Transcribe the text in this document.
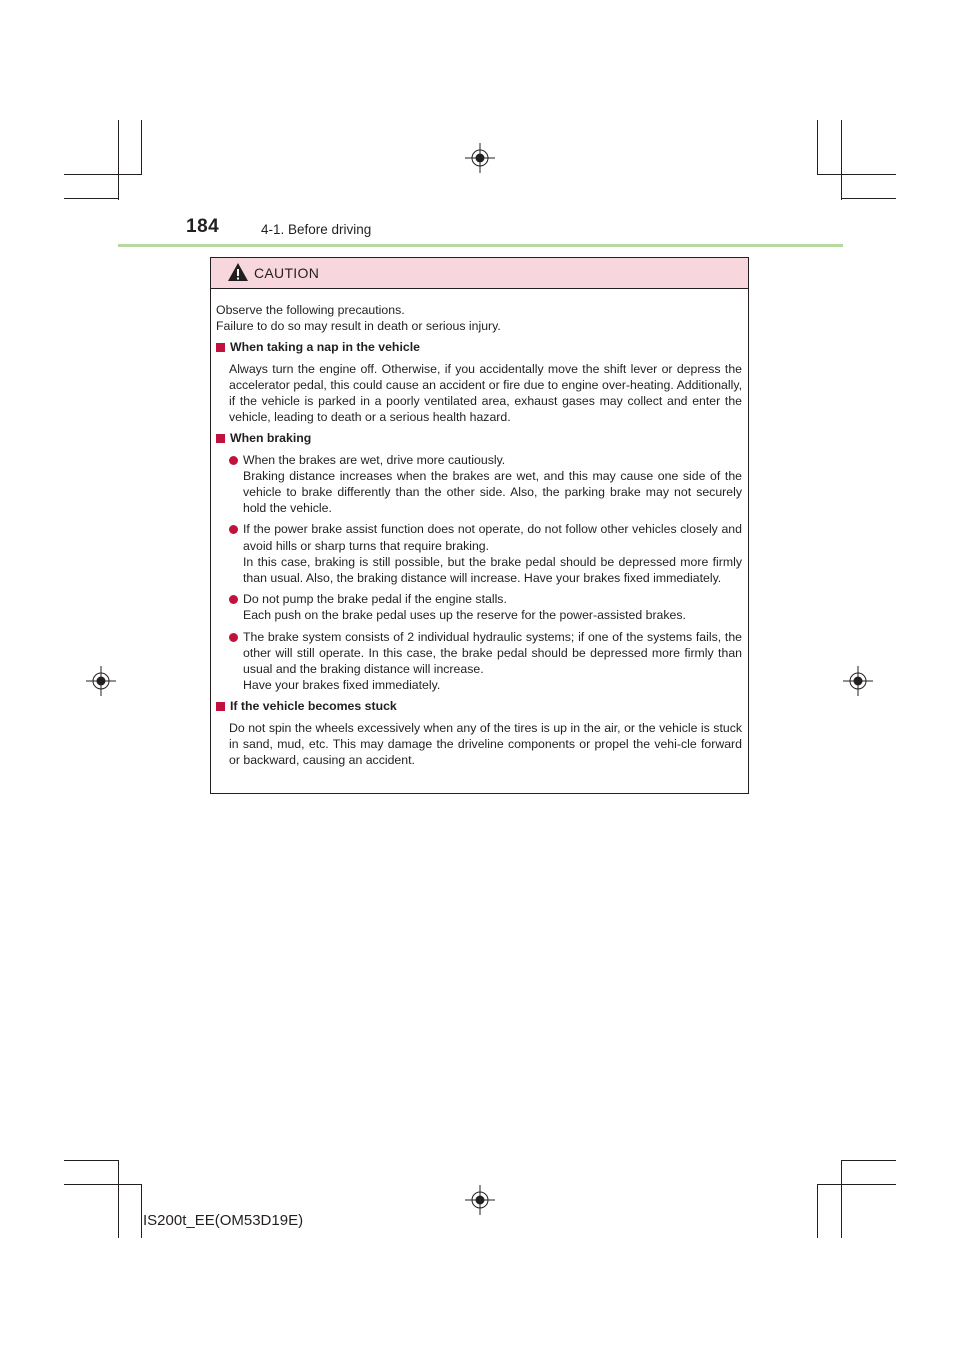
184	4-1. Before driving
CAUTION

Observe the following precautions.
Failure to do so may result in death or serious injury.

When taking a nap in the vehicle

Always turn the engine off. Otherwise, if you accidentally move the shift lever or depress the accelerator pedal, this could cause an accident or fire due to engine over-heating. Additionally, if the vehicle is parked in a poorly ventilated area, exhaust gases may collect and enter the vehicle, leading to death or a serious health hazard.

When braking

When the brakes are wet, drive more cautiously.
Braking distance increases when the brakes are wet, and this may cause one side of the vehicle to brake differently than the other side. Also, the parking brake may not securely hold the vehicle.

If the power brake assist function does not operate, do not follow other vehicles closely and avoid hills or sharp turns that require braking.
In this case, braking is still possible, but the brake pedal should be depressed more firmly than usual. Also, the braking distance will increase. Have your brakes fixed immediately.

Do not pump the brake pedal if the engine stalls.
Each push on the brake pedal uses up the reserve for the power-assisted brakes.

The brake system consists of 2 individual hydraulic systems; if one of the systems fails, the other will still operate. In this case, the brake pedal should be depressed more firmly than usual and the braking distance will increase.
Have your brakes fixed immediately.

If the vehicle becomes stuck

Do not spin the wheels excessively when any of the tires is up in the air, or the vehicle is stuck in sand, mud, etc. This may damage the driveline components or propel the vehi-cle forward or backward, causing an accident.

IS200t_EE(OM53D19E)
